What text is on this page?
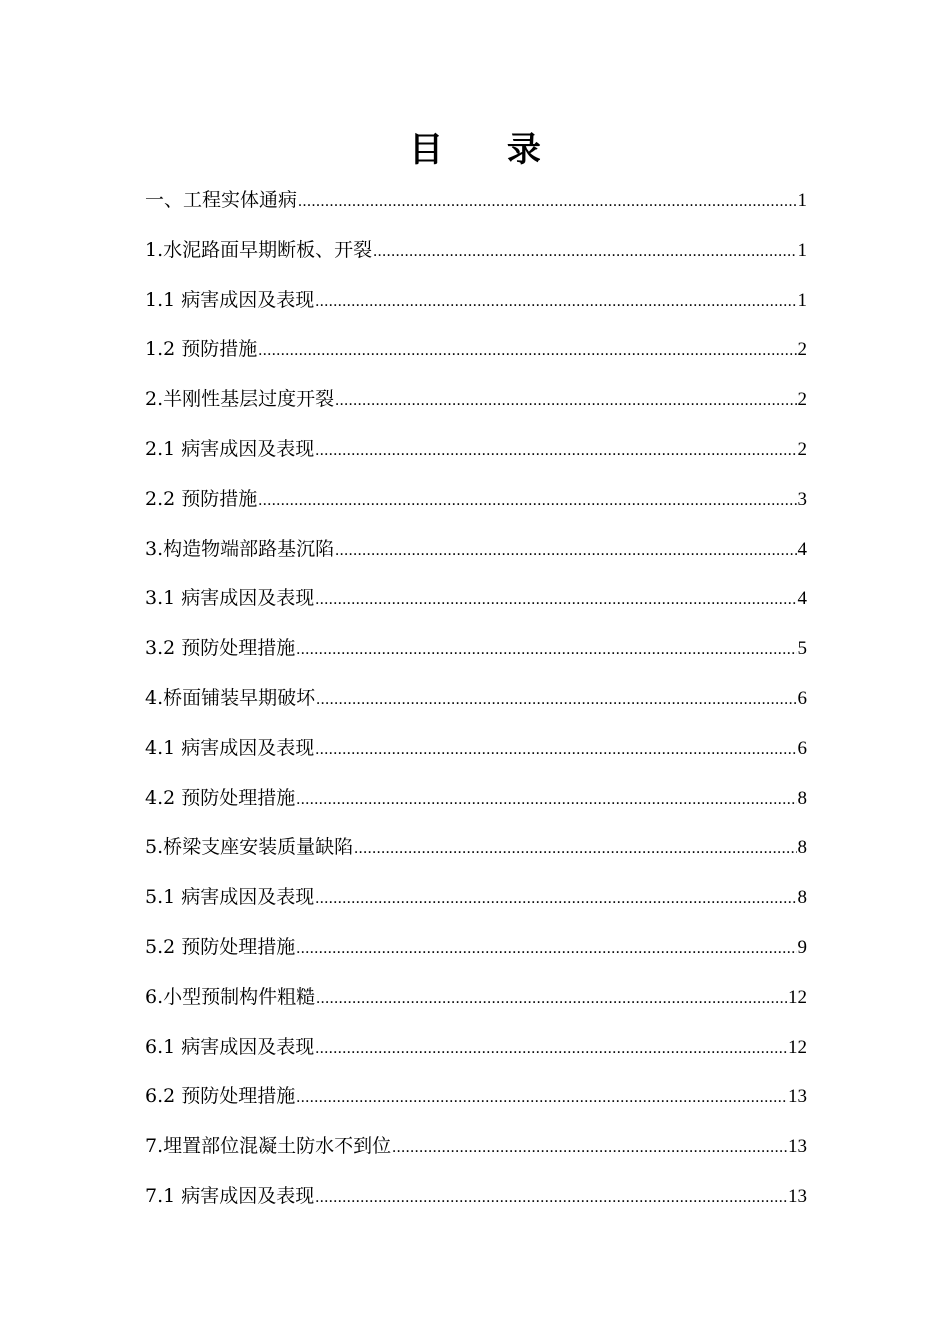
目 录
一、工程实体通病 .....	1
1.水泥路面早期断板、开裂 .....	1
1.1 病害成因及表现 .....	1
1.2 预防措施 .....	2
2.半刚性基层过度开裂 .....	2
2.1 病害成因及表现 .....	2
2.2 预防措施 .....	3
3.构造物端部路基沉陷 .....	4
3.1 病害成因及表现 .....	4
3.2 预防处理措施 .....	5
4.桥面铺装早期破坏 .....	6
4.1 病害成因及表现 .....	6
4.2 预防处理措施 .....	8
5.桥梁支座安装质量缺陷 .....	8
5.1 病害成因及表现 .....	8
5.2 预防处理措施 .....	9
6.小型预制构件粗糙 .....	12
6.1 病害成因及表现 .....	12
6.2 预防处理措施 .....	13
7.埋置部位混凝土防水不到位 .....	13
7.1 病害成因及表现 .....	13
